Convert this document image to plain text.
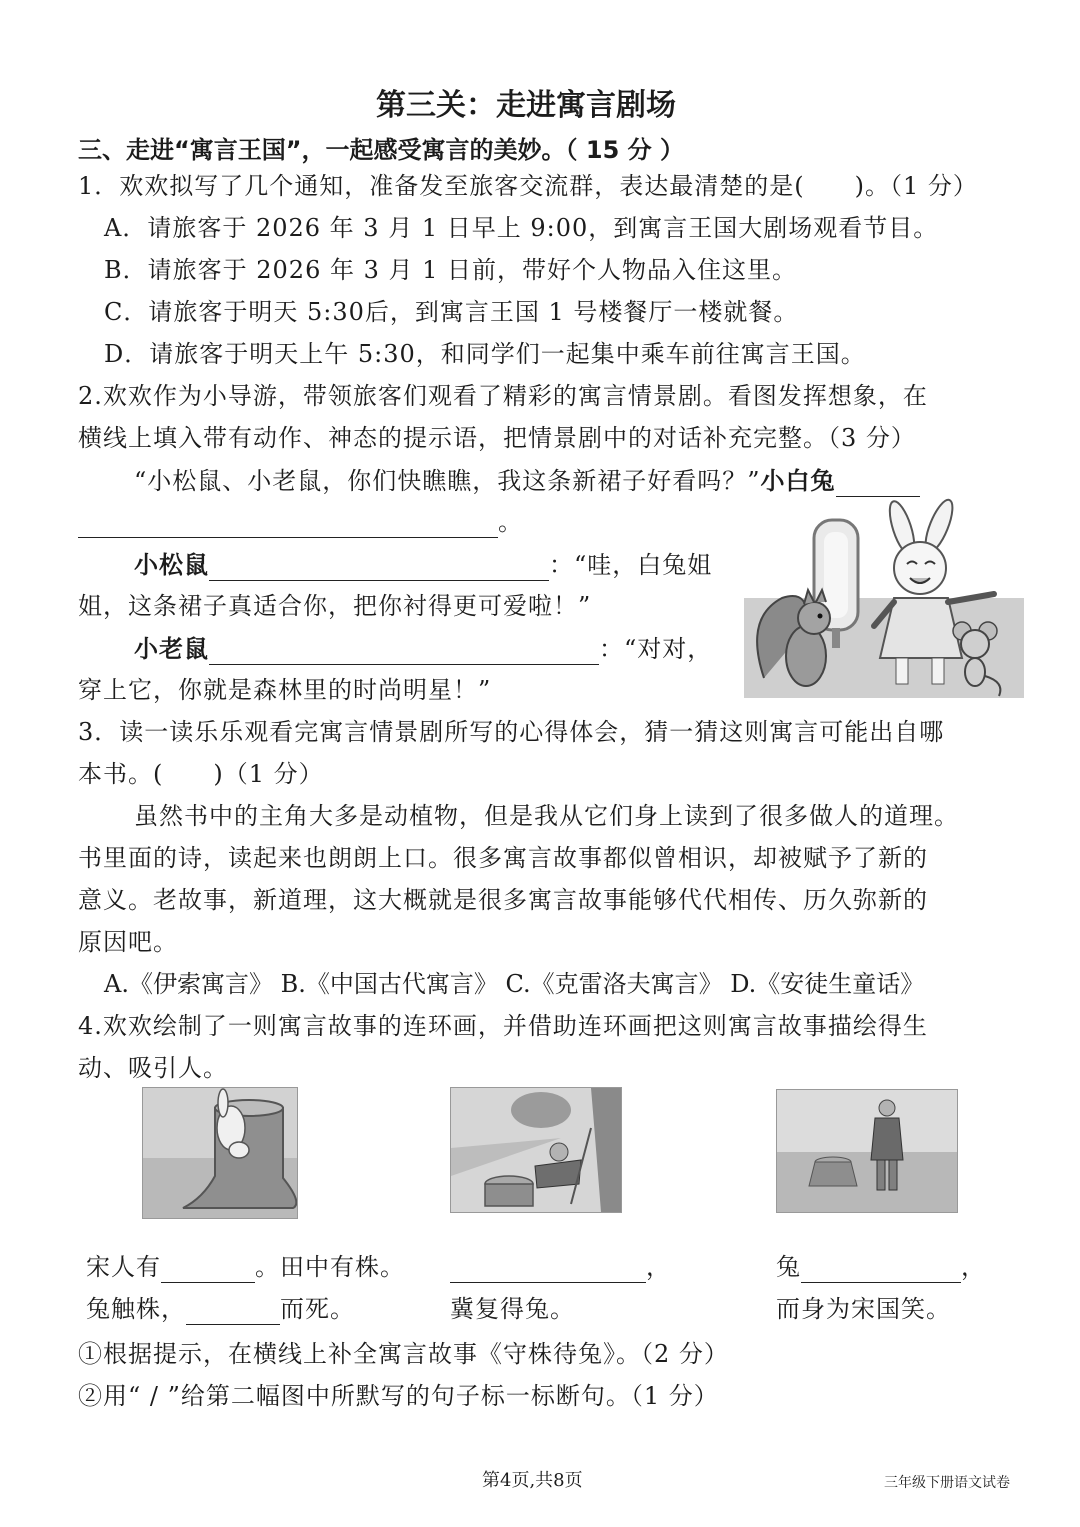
第三关：走进寓言剧场
三、走进“寓言王国”，一起感受寓言的美妙。（ 15 分 ）
1．欢欢拟写了几个通知，准备发至旅客交流群，表达最清楚的是(　　)。（1 分）
A．请旅客于 2026 年 3 月 1 日早上 9:00，到寓言王国大剧场观看节目。
B．请旅客于 2026 年 3 月 1 日前，带好个人物品入住这里。
C．请旅客于明天 5:30后，到寓言王国 1 号楼餐厅一楼就餐。
D．请旅客于明天上午 5:30，和同学们一起集中乘车前往寓言王国。
2.欢欢作为小导游，带领旅客们观看了精彩的寓言情景剧。看图发挥想象，在
横线上填入带有动作、神态的提示语，把情景剧中的对话补充完整。（3 分）
“小松鼠、小老鼠，你们快瞧瞧，我这条新裙子好看吗？”小白兔
。
小松鼠	：“哇，白兔姐
姐，这条裙子真适合你，把你衬得更可爱啦！”
小老鼠	：“对对，
穿上它，你就是森林里的时尚明星！”
3．读一读乐乐观看完寓言情景剧所写的心得体会，猜一猜这则寓言可能出自哪
本书。(　　)（1 分）
虽然书中的主角大多是动植物，但是我从它们身上读到了很多做人的道理。
书里面的诗，读起来也朗朗上口。很多寓言故事都似曾相识，却被赋予了新的
意义。老故事，新道理，这大概就是很多寓言故事能够代代相传、历久弥新的
原因吧。
A.《伊索寓言》 B.《中国古代寓言》 C.《克雷洛夫寓言》 D.《安徒生童话》
4.欢欢绘制了一则寓言故事的连环画，并借助连环画把这则寓言故事描绘得生
动、吸引人。
宋人有	。田中有株。
兔触株，	而死。
，
冀复得兔。
兔	，
而身为宋国笑。
①根据提示，在横线上补全寓言故事《守株待兔》。（2 分）
②用“ / ”给第二幅图中所默写的句子标一标断句。（1 分）
第4页,共8页	三年级下册语文试卷
